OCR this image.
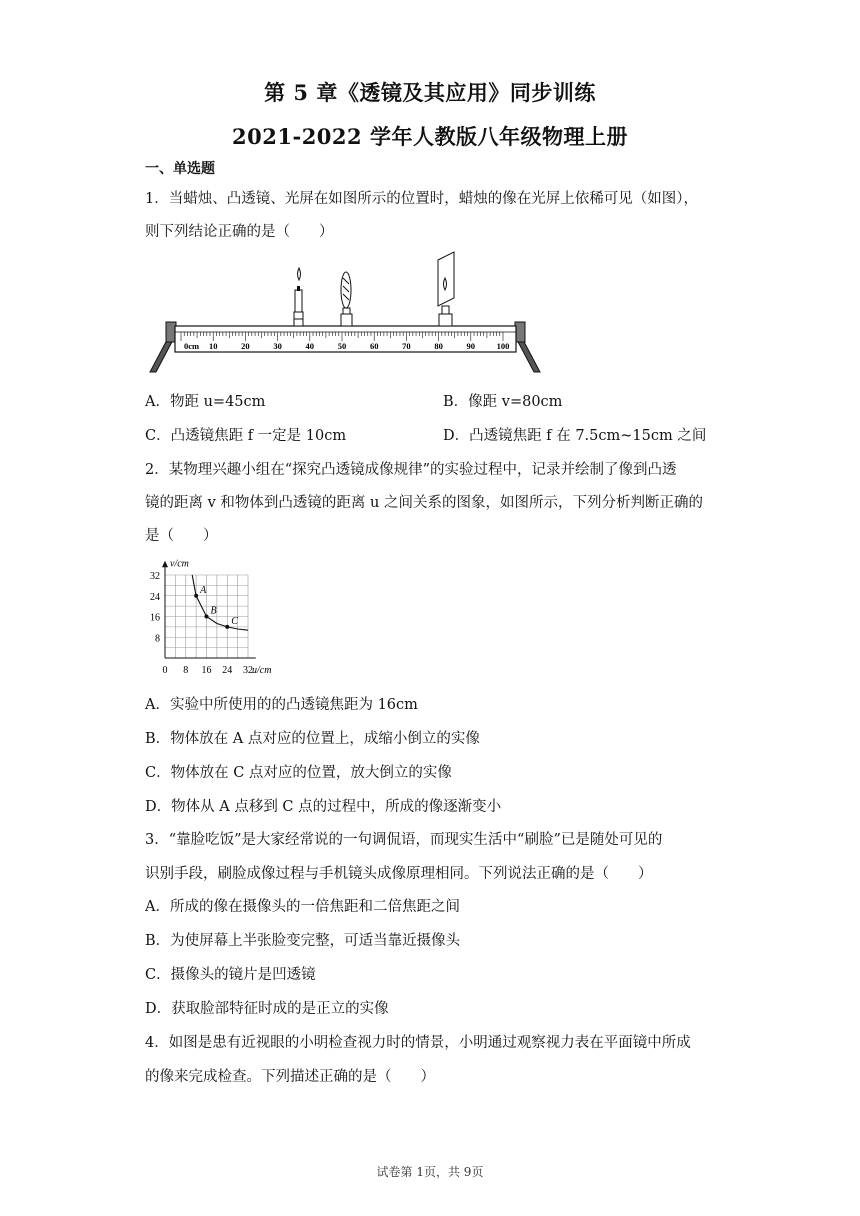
第 5 章《透镜及其应用》同步训练
2021-2022 学年人教版八年级物理上册
一、单选题
1．当蜡烛、凸透镜、光屏在如图所示的位置时，蜡烛的像在光屏上依稀可见（如图），
则下列结论正确的是（　　）
0cm 10	20	30	40	50	60	70	80	90	100
A．物距 u=45cm	B．像距 v=80cm
C．凸透镜焦距 f 一定是 10cm	D．凸透镜焦距 f 在 7.5cm~15cm 之间
2．某物理兴趣小组在“探究凸透镜成像规律”的实验过程中，记录并绘制了像到凸透
镜的距离 v 和物体到凸透镜的距离 u 之间关系的图象，如图所示，下列分析判断正确的
是（　　）
A
B
C
0 8 16 24 32
8
16
24
32
v/cm
u/cm
A．实验中所使用的的凸透镜焦距为 16cm
B．物体放在 A 点对应的位置上，成缩小倒立的实像
C．物体放在 C 点对应的位置，放大倒立的实像
D．物体从 A 点移到 C 点的过程中，所成的像逐渐变小
3．“靠脸吃饭”是大家经常说的一句调侃语，而现实生活中“刷脸”已是随处可见的
识别手段，刷脸成像过程与手机镜头成像原理相同。下列说法正确的是（　　）
A．所成的像在摄像头的一倍焦距和二倍焦距之间
B．为使屏幕上半张脸变完整，可适当靠近摄像头
C．摄像头的镜片是凹透镜
D．获取脸部特征时成的是正立的实像
4．如图是患有近视眼的小明检查视力时的情景，小明通过观察视力表在平面镜中所成
的像来完成检查。下列描述正确的是（　　）
试卷第 1页，共 9页
